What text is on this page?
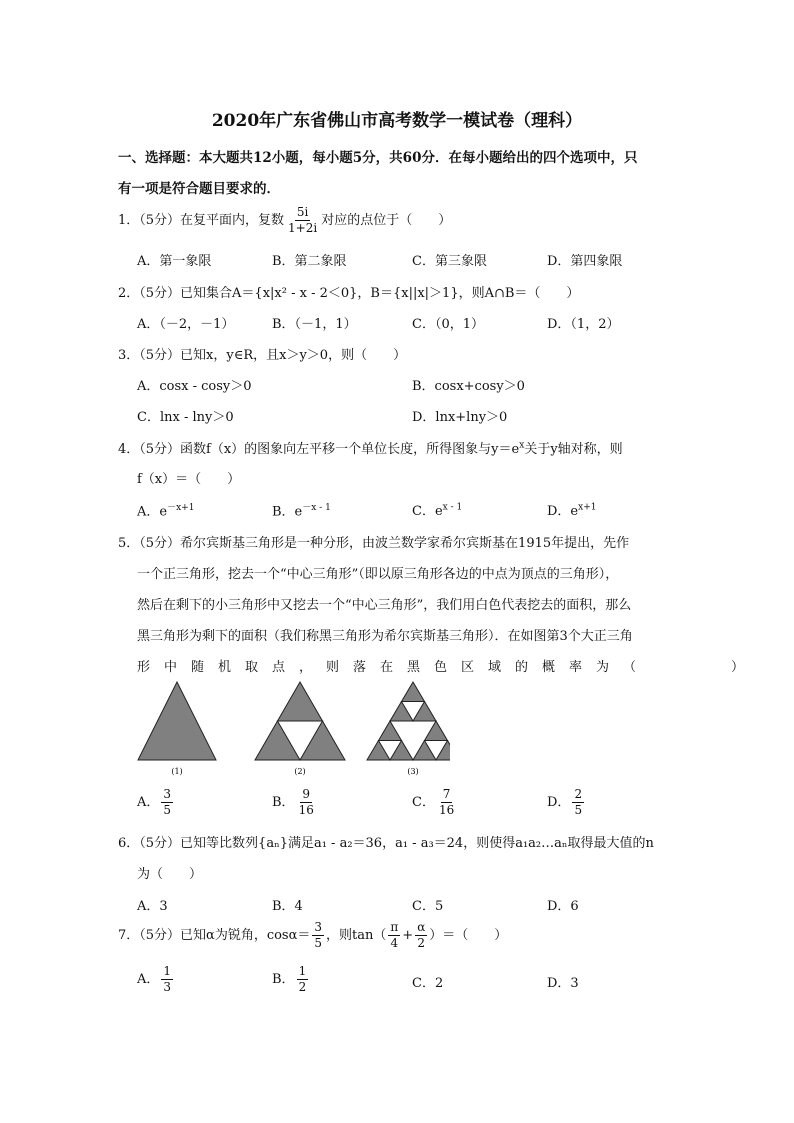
2020年广东省佛山市高考数学一模试卷（理科）
一、选择题：本大题共12小题，每小题5分，共60分．在每小题给出的四个选项中，只
有一项是符合题目要求的．
1．（5分）在复平面内，复数 $\frac{5i}{1+2i}$ 对应的点位于（　　）
A．第一象限	B．第二象限	C．第三象限	D．第四象限
2．（5分）已知集合A＝{x|x² - x - 2＜0}，B＝{x||x|＞1}，则A∩B＝（　　）
A．（－2，－1）	B．（－1，1）	C．（0，1）	D．（1，2）
3．（5分）已知x，y∈R，且x＞y＞0，则（　　）
A．cosx - cosy＞0	B．cosx+cosy＞0
C．lnx - lny＞0	D．lnx+lny＞0
4．（5分）函数f（x）的图象向左平移一个单位长度，所得图象与$y=e^x$关于y轴对称，则
f（x）＝（　　）
A．$e^{-x+1}$	B．$e^{-x - 1}$	C．$e^{x - 1}$	D．$e^{x+1}$
5．（5分）希尔宾斯基三角形是一种分形，由波兰数学家希尔宾斯基在1915年提出，先作
一个正三角形，挖去一个“中心三角形”（即以原三角形各边的中点为顶点的三角形），
然后在剩下的小三角形中又挖去一个“中心三角形”，我们用白色代表挖去的面积，那么
黑三角形为剩下的面积（我们称黑三角形为希尔宾斯基三角形）．在如图第3个大正三角
形中随机取点，则落在黑色区域的概率为（　　　）
(1)	(2)	(3)
A． $\frac{3}{5}$	B． $\frac{9}{16}$	C． $\frac{7}{16}$	D． $\frac{2}{5}$
6．（5分）已知等比数列{aₙ}满足a₁ - a₂＝36，a₁ - a₃＝24，则使得a₁a₂…aₙ取得最大值的n
为（　　）
A．3	B．4	C．5	D．6
7．（5分）已知α为锐角，$\cos\alpha= \frac{3}{5}$ ，则$\tan( \frac{\pi}{4} + \frac{\alpha}{2}$ ）＝（　　）
A． $\frac{1}{3}$	B． $\frac{1}{2}$	C．2	D．3
